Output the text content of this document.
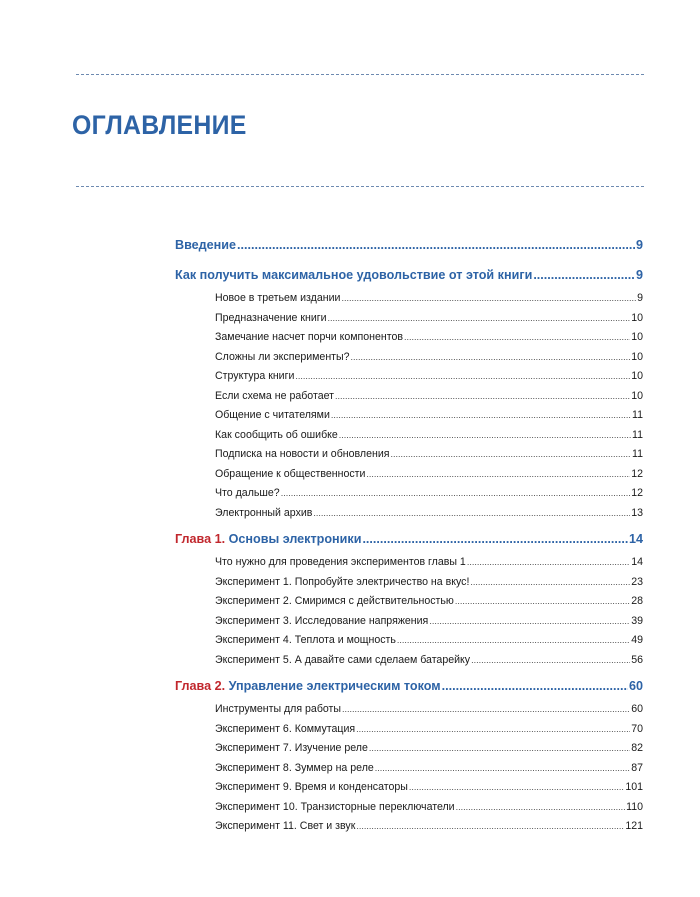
ОГЛАВЛЕНИЕ
Введение .....	9
Как получить максимальное удовольствие от этой книги .....	9
Новое в третьем издании .....	9
Предназначение книги .....	10
Замечание насчет порчи компонентов .....	10
Сложны ли эксперименты? .....	10
Структура книги .....	10
Если схема не работает .....	10
Общение с читателями .....	11
Как сообщить об ошибке .....	11
Подписка на новости и обновления .....	11
Обращение к общественности .....	12
Что дальше? .....	12
Электронный архив .....	13
Глава 1. Основы электроники .....	14
Что нужно для проведения экспериментов главы 1 .....	14
Эксперимент 1. Попробуйте электричество на вкус! .....	23
Эксперимент 2. Смиримся с действительностью .....	28
Эксперимент 3. Исследование напряжения .....	39
Эксперимент 4. Теплота и мощность .....	49
Эксперимент 5. А давайте сами сделаем батарейку .....	56
Глава 2. Управление электрическим током .....	60
Инструменты для работы .....	60
Эксперимент 6. Коммутация .....	70
Эксперимент 7. Изучение реле .....	82
Эксперимент 8. Зуммер на реле .....	87
Эксперимент 9. Время и конденсаторы .....	101
Эксперимент 10. Транзисторные переключатели .....	110
Эксперимент 11. Свет и звук .....	121
